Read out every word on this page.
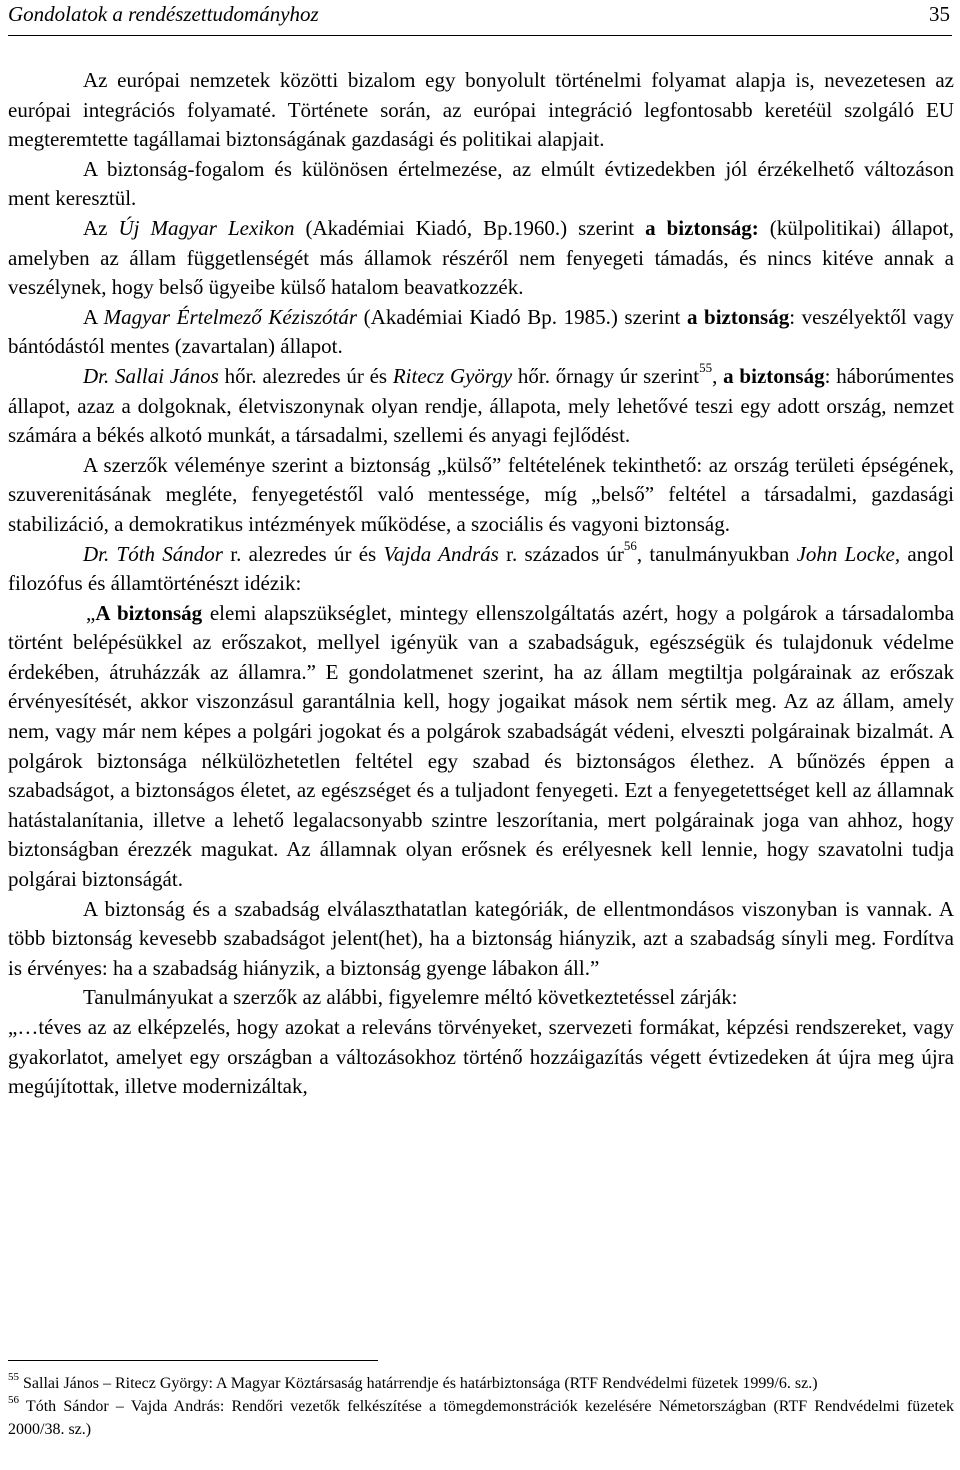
Gondolatok a rendészettudományhoz	35

Az európai nemzetek közötti bizalom egy bonyolult történelmi folyamat alapja is, nevezetesen az európai integrációs folyamaté. Története során, az európai integráció legfontosabb keretéül szolgáló EU megteremtette tagállamai biztonságának gazdasági és politikai alapjait.

A biztonság-fogalom és különösen értelmezése, az elmúlt évtizedekben jól érzékelhető változáson ment keresztül.

Az Új Magyar Lexikon (Akadémiai Kiadó, Bp.1960.) szerint a biztonság: (külpolitikai) állapot, amelyben az állam függetlenségét más államok részéről nem fenyegeti támadás, és nincs kitéve annak a veszélynek, hogy belső ügyeibe külső hatalom beavatkozzék.

A Magyar Értelmező Kéziszótár (Akadémiai Kiadó Bp. 1985.) szerint a biztonság: veszélyektől vagy bántódástól mentes (zavartalan) állapot.

Dr. Sallai János hőr. alezredes úr és Ritecz György hőr. őrnagy úr szerint$^{55}$, a biztonság: háborúmentes állapot, azaz a dolgoknak, életviszonynak olyan rendje, állapota, mely lehetővé teszi egy adott ország, nemzet számára a békés alkotó munkát, a társadalmi, szellemi és anyagi fejlődést.

A szerzők véleménye szerint a biztonság „külső” feltételének tekinthető: az ország területi épségének, szuverenitásának megléte, fenyegetéstől való mentessége, míg „belső” feltétel a társadalmi, gazdasági stabilizáció, a demokratikus intézmények működése, a szociális és vagyoni biztonság.

Dr. Tóth Sándor r. alezredes úr és Vajda András r. százados $úr^{56}$, tanulmányukban John Locke, angol filozófus és államtörténészt idézik:

„A biztonság elemi alapszükséglet, mintegy ellenszolgáltatás azért, hogy a polgárok a társadalomba történt belépésükkel az erőszakot, mellyel igényük van a szabadságuk, egészségük és tulajdonuk védelme érdekében, átruházzák az államra.” E gondolatmenet szerint, ha az állam megtiltja polgárainak az erőszak érvényesítését, akkor viszonzásul garantálnia kell, hogy jogaikat mások nem sértik meg. Az az állam, amely nem, vagy már nem képes a polgári jogokat és a polgárok szabadságát védeni, elveszti polgárainak bizalmát. A polgárok biztonsága nélkülözhetetlen feltétel egy szabad és biztonságos élethez. A bűnözés éppen a szabadságot, a biztonságos életet, az egészséget és a tuljadont fenyegeti. Ezt a fenyegetettséget kell az államnak hatástalanítania, illetve a lehető legalacsonyabb szintre leszorítania, mert polgárainak joga van ahhoz, hogy biztonságban érezzék magukat. Az államnak olyan erősnek és erélyesnek kell lennie, hogy szavatolni tudja polgárai biztonságát.

A biztonság és a szabadság elválaszthatatlan kategóriák, de ellentmondásos viszonyban is vannak. A több biztonság kevesebb szabadságot jelent(het), ha a biztonság hiányzik, azt a szabadság sínyli meg. Fordítva is érvényes: ha a szabadság hiányzik, a biztonság gyenge lábakon áll.”

Tanulmányukat a szerzők az alábbi, figyelemre méltó következtetéssel zárják:

„…téves az az elképzelés, hogy azokat a releváns törvényeket, szervezeti formákat, képzési rendszereket, vagy gyakorlatot, amelyet egy országban a változásokhoz történő hozzáigazítás végett évtizedeken át újra meg újra megújítottak, illetve modernizáltak,

$^{55}$ Sallai János – Ritecz György: A Magyar Köztársaság határrendje és határbiztonsága (RTF Rendvédelmi füzetek 1999/6. sz.)

$^{56}$ Tóth Sándor – Vajda András: Rendőri vezetők felkészítése a tömegdemonstrációk kezelésére Németországban (RTF Rendvédelmi füzetek 2000/38. sz.)
